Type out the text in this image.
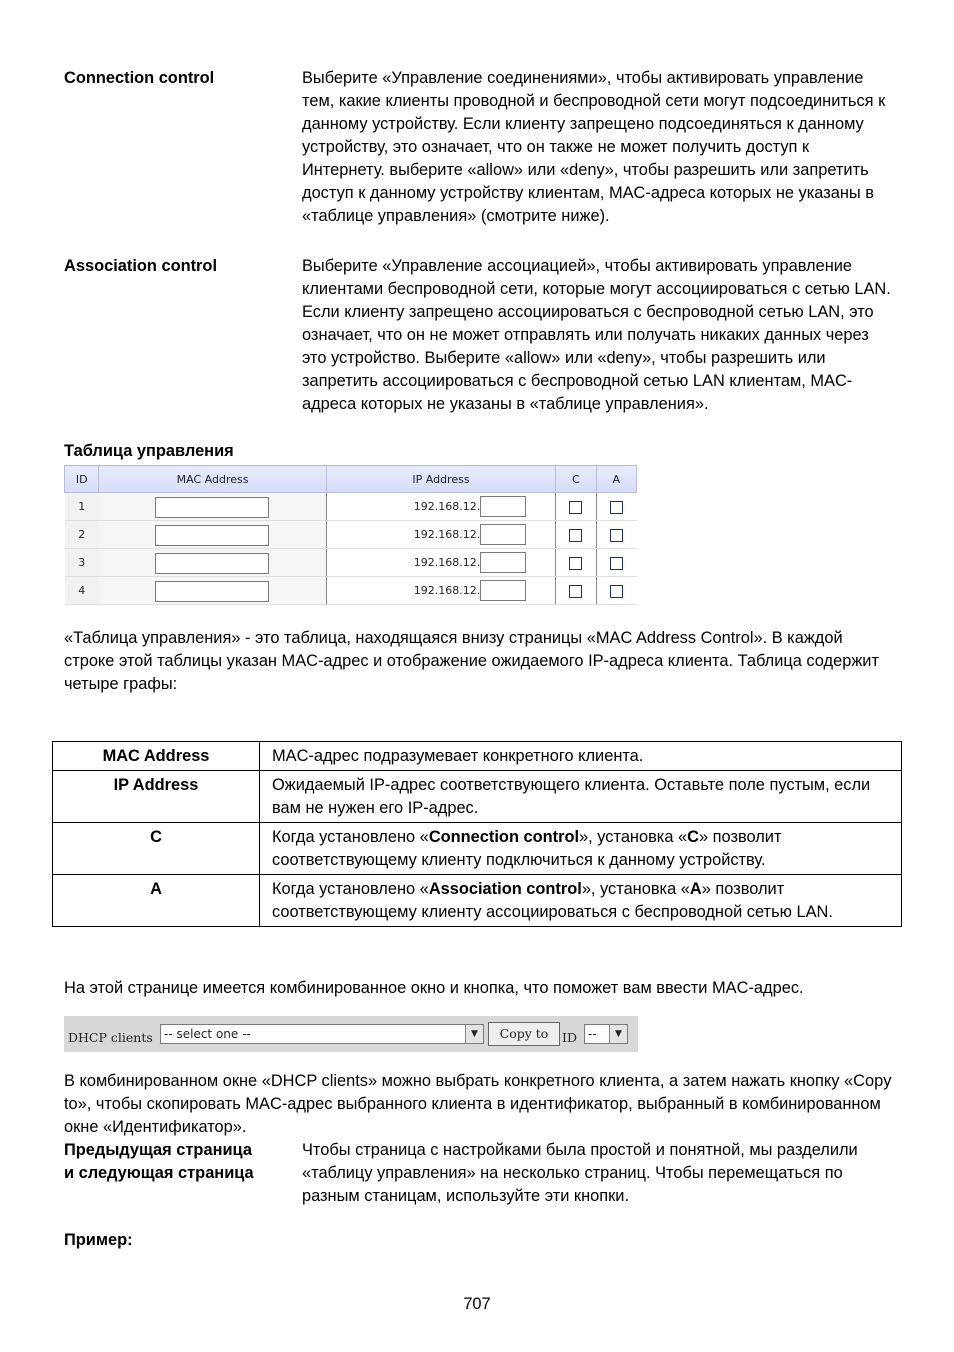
Connection control	Выберите «Управление соединениями», чтобы активировать управление тем, какие клиенты проводной и беспроводной сети могут подсоединиться к данному устройству. Если клиенту запрещено подсоединяться к данному устройству, это означает, что он также не может получить доступ к Интернету. выберите «allow» или «deny», чтобы разрешить или запретить доступ к данному устройству клиентам, MAC-адреса которых не указаны в «таблице управления» (смотрите ниже).
Association control	Выберите «Управление ассоциацией», чтобы активировать управление клиентами беспроводной сети, которые могут ассоциироваться с сетью LAN. Если клиенту запрещено ассоциироваться с беспроводной сетью LAN, это означает, что он не может отправлять или получать никаких данных через это устройство. Выберите «allow» или «deny», чтобы разрешить или запретить ассоциироваться с беспроводной сетью LAN клиентам, MAC-адреса которых не указаны в «таблице управления».
Таблица управления
ID	MAC Address	IP Address	C	A
1		192.168.12.		

2		192.168.12.		

3		192.168.12.		

4		192.168.12.		

«Таблица управления» - это таблица, находящаяся внизу страницы «MAC Address Control». В каждой строке этой таблицы указан MAC-адрес и отображение ожидаемого IP-адреса клиента. Таблица содержит четыре графы:
MAC Address	MAC-адрес подразумевает конкретного клиента.
IP Address	Ожидаемый IP-адрес соответствующего клиента. Оставьте поле пустым, если вам не нужен его IP-адрес.
C	Когда установлено «Connection control», установка «C» позволит соответствующему клиенту подключиться к данному устройству.
A	Когда установлено «Association control», установка «A» позволит соответствующему клиенту ассоциироваться с беспроводной сетью LAN.
На этой странице имеется комбинированное окно и кнопка, что поможет вам ввести MAC-адрес.
DHCP clients -- select one --	▼	Copy to	ID --	▼
В комбинированном окне «DHCP clients» можно выбрать конкретного клиента, а затем нажать кнопку «Copy to», чтобы скопировать MAC-адрес выбранного клиента в идентификатор, выбранный в комбинированном окне «Идентификатор».
Предыдущая страница
и следующая страница
Чтобы страница с настройками была простой и понятной, мы разделили «таблицу управления» на несколько страниц. Чтобы перемещаться по разным станицам, используйте эти кнопки.
Пример:
707
